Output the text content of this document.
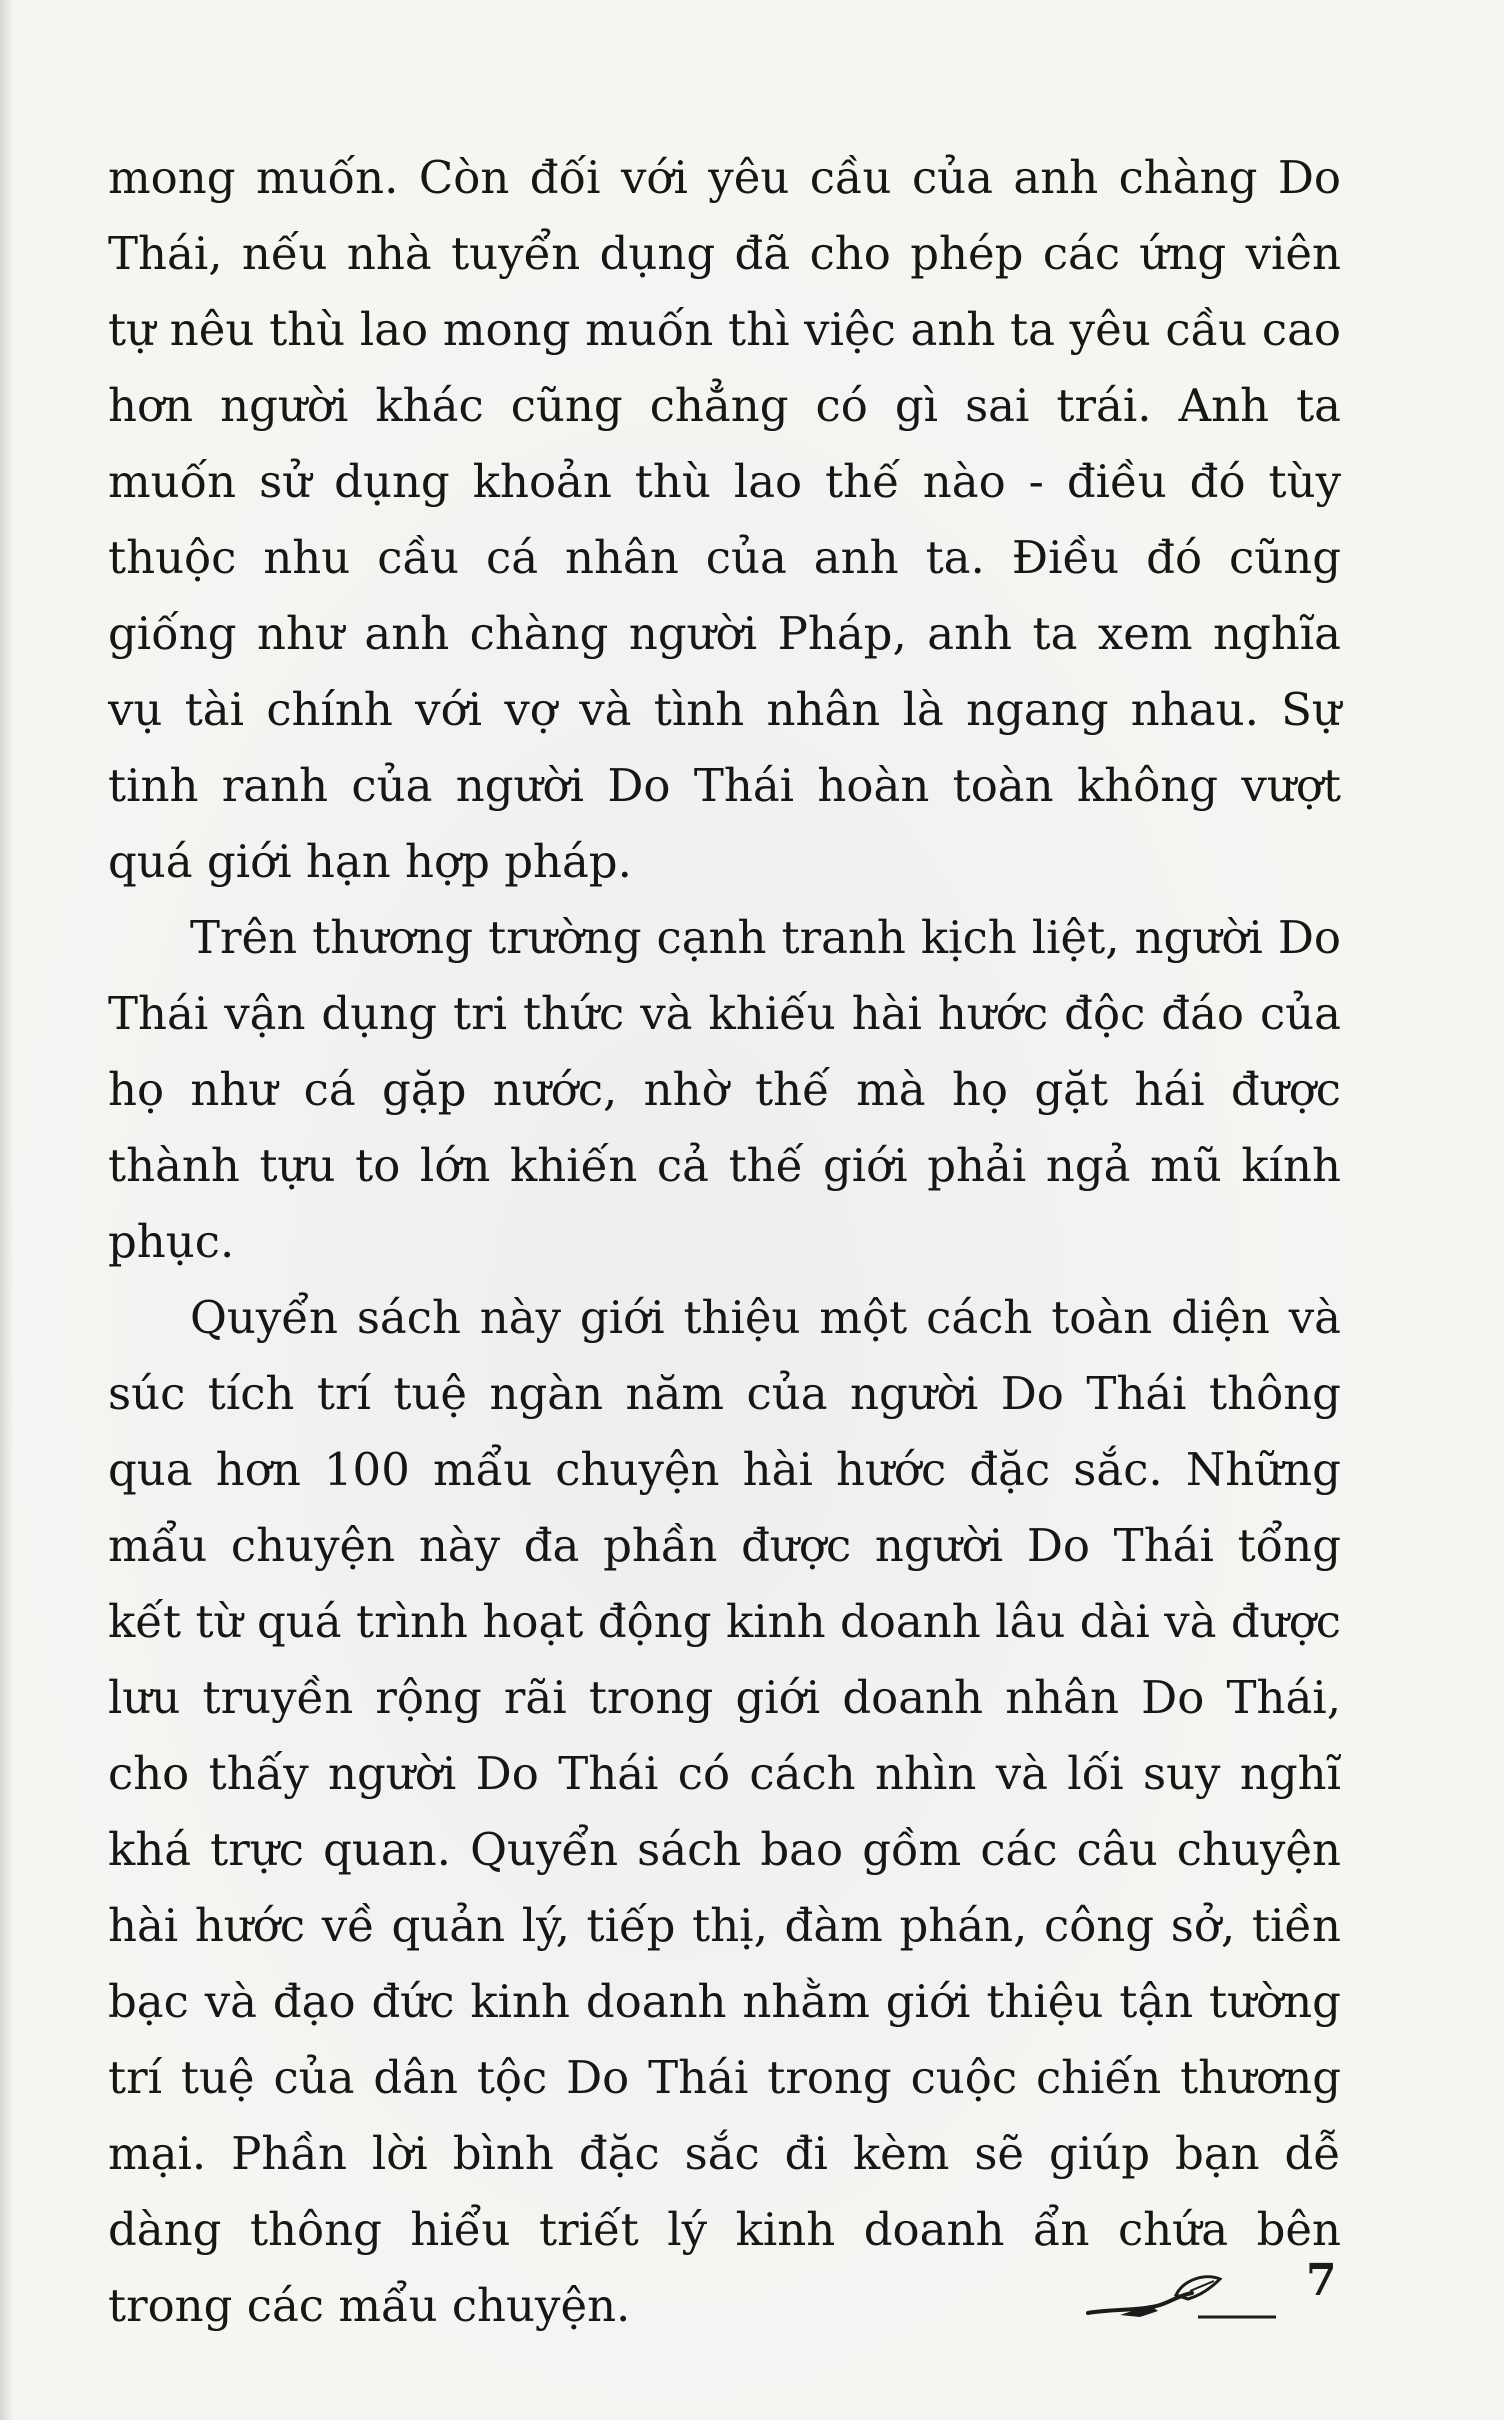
mong muốn. Còn đối với yêu cầu của anh chàng Do Thái, nếu nhà tuyển dụng đã cho phép các ứng viên tự nêu thù lao mong muốn thì việc anh ta yêu cầu cao hơn người khác cũng chẳng có gì sai trái. Anh ta muốn sử dụng khoản thù lao thế nào - điều đó tùy thuộc nhu cầu cá nhân của anh ta. Điều đó cũng giống như anh chàng người Pháp, anh ta xem nghĩa vụ tài chính với vợ và tình nhân là ngang nhau. Sự tinh ranh của người Do Thái hoàn toàn không vượt quá giới hạn hợp pháp.

Trên thương trường cạnh tranh kịch liệt, người Do Thái vận dụng tri thức và khiếu hài hước độc đáo của họ như cá gặp nước, nhờ thế mà họ gặt hái được thành tựu to lớn khiến cả thế giới phải ngả mũ kính phục.

Quyển sách này giới thiệu một cách toàn diện và súc tích trí tuệ ngàn năm của người Do Thái thông qua hơn 100 mẩu chuyện hài hước đặc sắc. Những mẩu chuyện này đa phần được người Do Thái tổng kết từ quá trình hoạt động kinh doanh lâu dài và được lưu truyền rộng rãi trong giới doanh nhân Do Thái, cho thấy người Do Thái có cách nhìn và lối suy nghĩ khá trực quan. Quyển sách bao gồm các câu chuyện hài hước về quản lý, tiếp thị, đàm phán, công sở, tiền bạc và đạo đức kinh doanh nhằm giới thiệu tận tường trí tuệ của dân tộc Do Thái trong cuộc chiến thương mại. Phần lời bình đặc sắc đi kèm sẽ giúp bạn dễ dàng thông hiểu triết lý kinh doanh ẩn chứa bên trong các mẩu chuyện.	7
